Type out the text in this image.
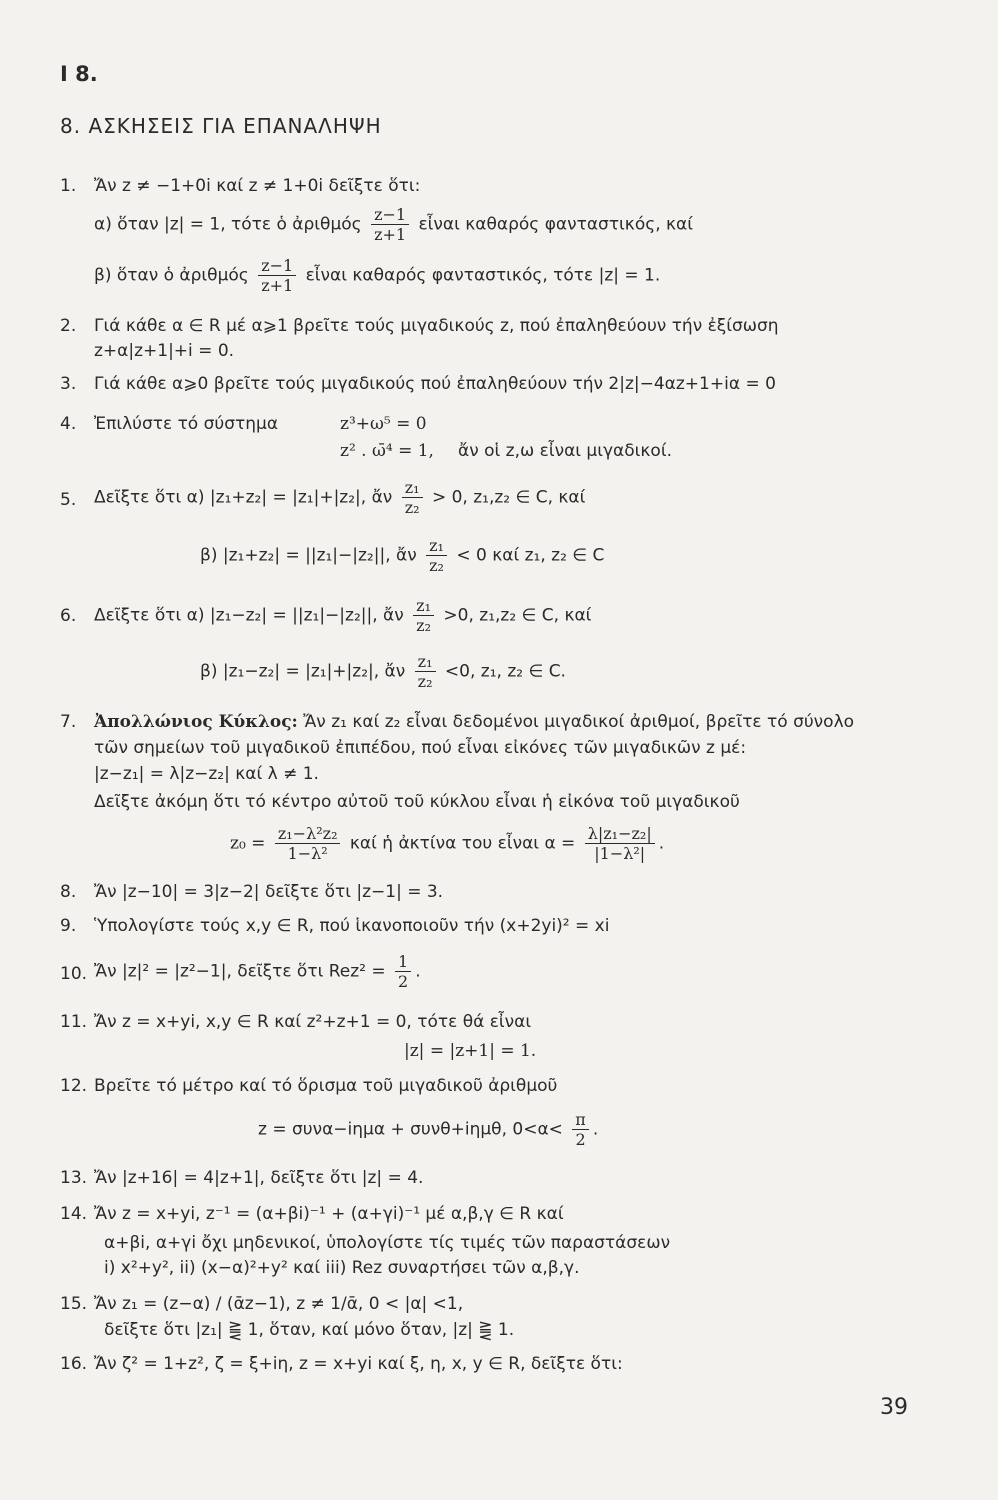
I 8.
8. ΑΣΚΗΣΕΙΣ ΓΙΑ ΕΠΑΝΑΛΗΨΗ
1. Ἄν z ≠ −1+0i καί z ≠ 1+0i δεῖξτε ὅτι:
α) ὅταν |z| = 1, τότε ὁ ἀριθμός $\frac{z-1}{z+1}$ εἶναι καθαρός φανταστικός, καί
β) ὅταν ὁ ἀριθμός $\frac{z-1}{z+1}$ εἶναι καθαρός φανταστικός, τότε |z| = 1.
2. Γιά κάθε α ∈ R μέ α⩾1 βρεῖτε τούς μιγαδικούς z, πού ἐπαληθεύουν τήν ἐξίσωση
z+α|z+1|+i = 0.
3. Γιά κάθε α⩾0 βρεῖτε τούς μιγαδικούς πού ἐπαληθεύουν τήν 2|z|−4αz+1+iα = 0
4. Ἐπιλύστε τό σύστημα	z³+ω⁵ = 0
z² . ω̄⁴ = 1, ἄν οἱ z,ω εἶναι μιγαδικοί.
5. Δεῖξτε ὅτι α) |z₁+z₂| = |z₁|+|z₂|, ἄν $\frac{\text{z₁}}{\text{z₂}} > 0$, z₁,z₂ ∈ C, καί
β) |z₁+z₂| = ||z₁|−|z₂||, ἄν $\frac{\text{z₁}}{\text{z₂}} < 0$ καί z₁, z₂ ∈ C
6. Δεῖξτε ὅτι α) |z₁−z₂| = ||z₁|−|z₂||, ἄν $\frac{\text{z₁}}{\text{z₂}} >0$, z₁,z₂ ∈ C, καί
β) |z₁−z₂| = |z₁|+|z₂|, ἄν $\frac{\text{z₁}}{\text{z₂}} <0$, z₁, z₂ ∈ C.
7. Ἀπολλώνιος Κύκλος: Ἄν z₁ καί z₂ εἶναι δεδομένοι μιγαδικοί ἀριθμοί, βρεῖτε τό σύνολο
τῶν σημείων τοῦ μιγαδικοῦ ἐπιπέδου, πού εἶναι εἰκόνες τῶν μιγαδικῶν z μέ:
|z−z₁| = λ|z−z₂| καί λ ≠ 1.
Δεῖξτε ἀκόμη ὅτι τό κέντρο αὐτοῦ τοῦ κύκλου εἶναι ἡ εἰκόνα τοῦ μιγαδικοῦ
$z_0 = \frac{\text{z₁−λ²z₂}}{\text{1−λ²}}$ καί ἡ ἀκτίνα του εἶναι $\alpha = \frac{\text{λ|z₁−z₂|}}{\text{|1−λ²|}}$ .
8. Ἄν |z−10| = 3|z−2| δεῖξτε ὅτι |z−1| = 3.
9. Ὑπολογίστε τούς x,y ∈ R, πού ἱκανοποιοῦν τήν (x+2yi)² = xi
10. Ἄν |z|² = |z²−1|, δεῖξτε ὅτι $Rez^2 = \frac{1}{2}$ .
11. Ἄν z = x+yi, x,y ∈ R καί z²+z+1 = 0, τότε θά εἶναι
|z| = |z+1| = 1.
12. Βρεῖτε τό μέτρο καί τό ὅρισμα τοῦ μιγαδικοῦ ἀριθμοῦ
z = συνα−iημα + συνθ+iημθ, $0<\alpha< \frac{\pi}{2}$ .
13. Ἄν |z+16| = 4|z+1|, δεῖξτε ὅτι |z| = 4.
14. Ἄν z = x+yi, z⁻¹ = (α+βi)⁻¹ + (α+γi)⁻¹ μέ α,β,γ ∈ R καί
α+βi, α+γi ὄχι μηδενικοί, ὑπολογίστε τίς τιμές τῶν παραστάσεων
i) x²+y², ii) (x−α)²+y² καί iii) Rez συναρτήσει τῶν α,β,γ.
15. Ἄν z₁ = (z−α) / (ᾱz−1), z ≠ 1/ᾱ, 0 < |α| <1,
δεῖξτε ὅτι |z₁| ⪌ 1, ὅταν, καί μόνο ὅταν, |z| ⪌ 1.
16. Ἄν ζ² = 1+z², ζ = ξ+iη, z = x+yi καί ξ, η, x, y ∈ R, δεῖξτε ὅτι:
39
